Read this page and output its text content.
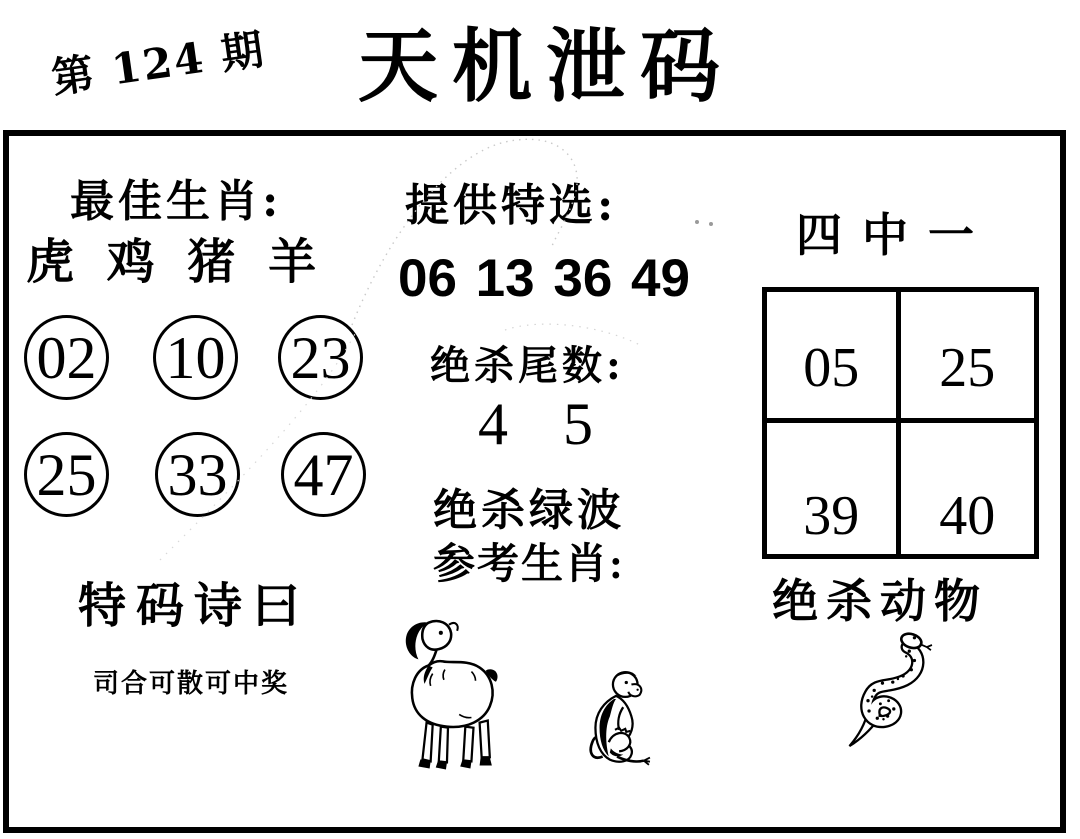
第 124 期 天机泄码
最佳生肖:
虎 鸡 猪 羊
02 10 23
25 33 47
特码诗曰
司合可散可中奖
提供特选:
06 13 36 49
绝杀尾数:
4 5
绝杀绿波
参考生肖:
四中一
05	25
39	40
绝杀动物
